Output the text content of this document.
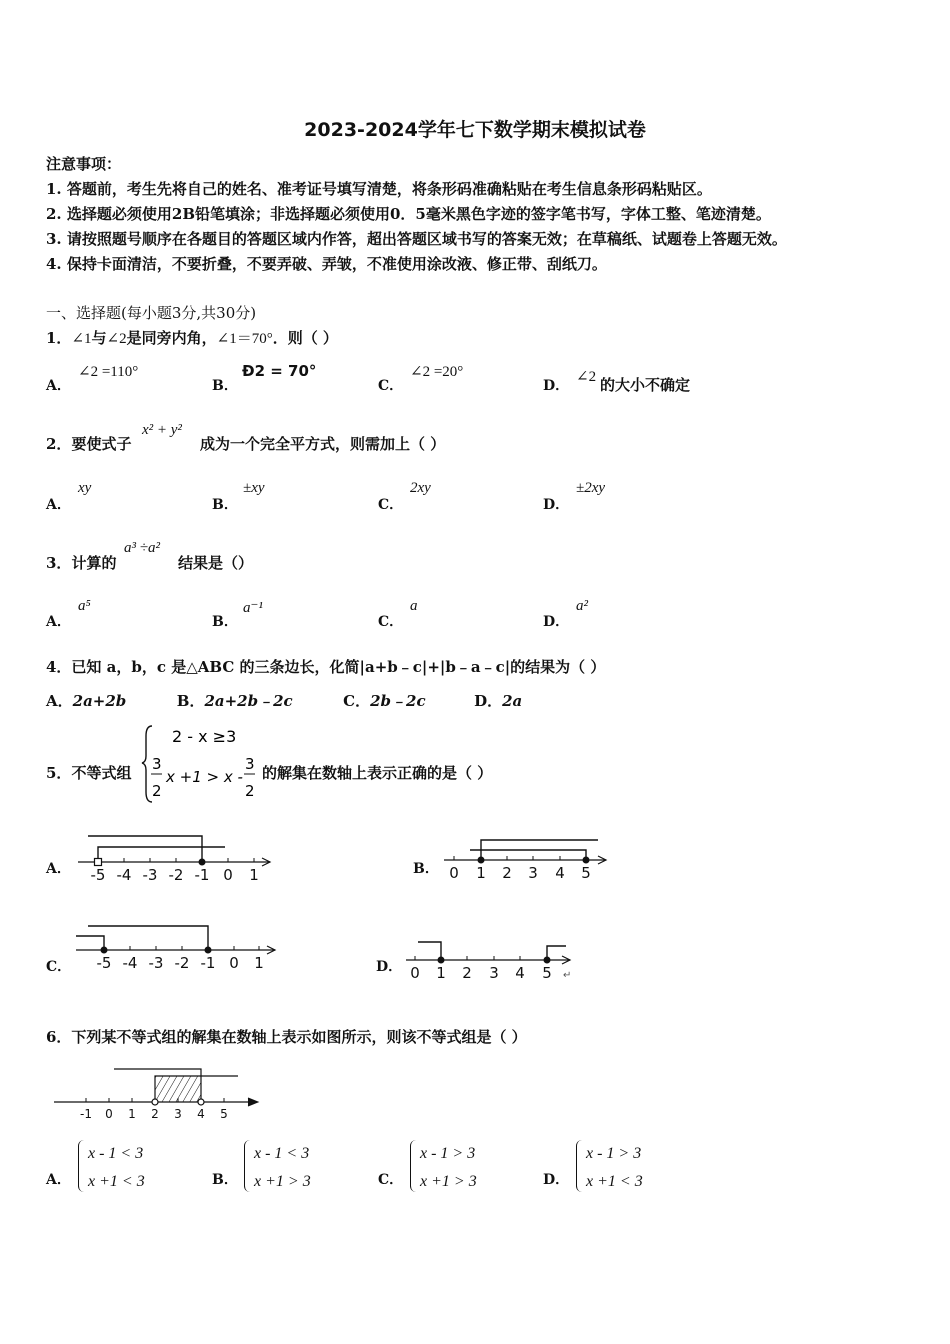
2023-2024学年七下数学期末模拟试卷
注意事项：
1. 答题前，考生先将自己的姓名、准考证号填写清楚，将条形码准确粘贴在考生信息条形码粘贴区。
2. 选择题必须使用2B铅笔填涂；非选择题必须使用0．5毫米黑色字迹的签字笔书写，字体工整、笔迹清楚。
3. 请按照题号顺序在各题目的答题区域内作答，超出答题区域书写的答案无效；在草稿纸、试题卷上答题无效。
4. 保持卡面清洁，不要折叠，不要弄破、弄皱，不准使用涂改液、修正带、刮纸刀。
一、选择题(每小题3分,共30分)
1．∠1与∠2是同旁内角，∠1＝70°．则（ ）
A．
∠2 =110°
B．
Ð2 = 70°
C．
∠2 =20°
D．
∠2 的大小不确定
2．要使式子
x² + y²
成为一个完全平方式，则需加上（ ）
A．
xy
B．
±xy
C．
2xy
D．
±2xy
3．计算的
a³ ÷a²
结果是（）
A．
a⁵
B．
a⁻¹
C．
a
D．
a²
4．已知 a，b，c 是△ABC 的三条边长，化简|a+b﹣c|+|b﹣a﹣c|的结果为（ ）
A．2a+2b	B．2a+2b﹣2c	C．2b﹣2c	D．2a
5．不等式组
2 - x ≥3
3
2
x +1 > x -
3
2
的解集在数轴上表示正确的是（ ）
A． -5 -4 -3 -2 -1 0 1	B． 0 1 2 3 4 5
C． -5 -4 -3 -2 -1 0 1	D． 0 1 2 3 4 5 ↵
6．下列某不等式组的解集在数轴上表示如图所示，则该不等式组是（ ）
-1 0 1 2 3 4 5
A．
x - 1 < 3
x +1 < 3	B．
x - 1 < 3
x +1 > 3	C．
x - 1 > 3
x +1 > 3	D．
x - 1 > 3
x +1 < 3
